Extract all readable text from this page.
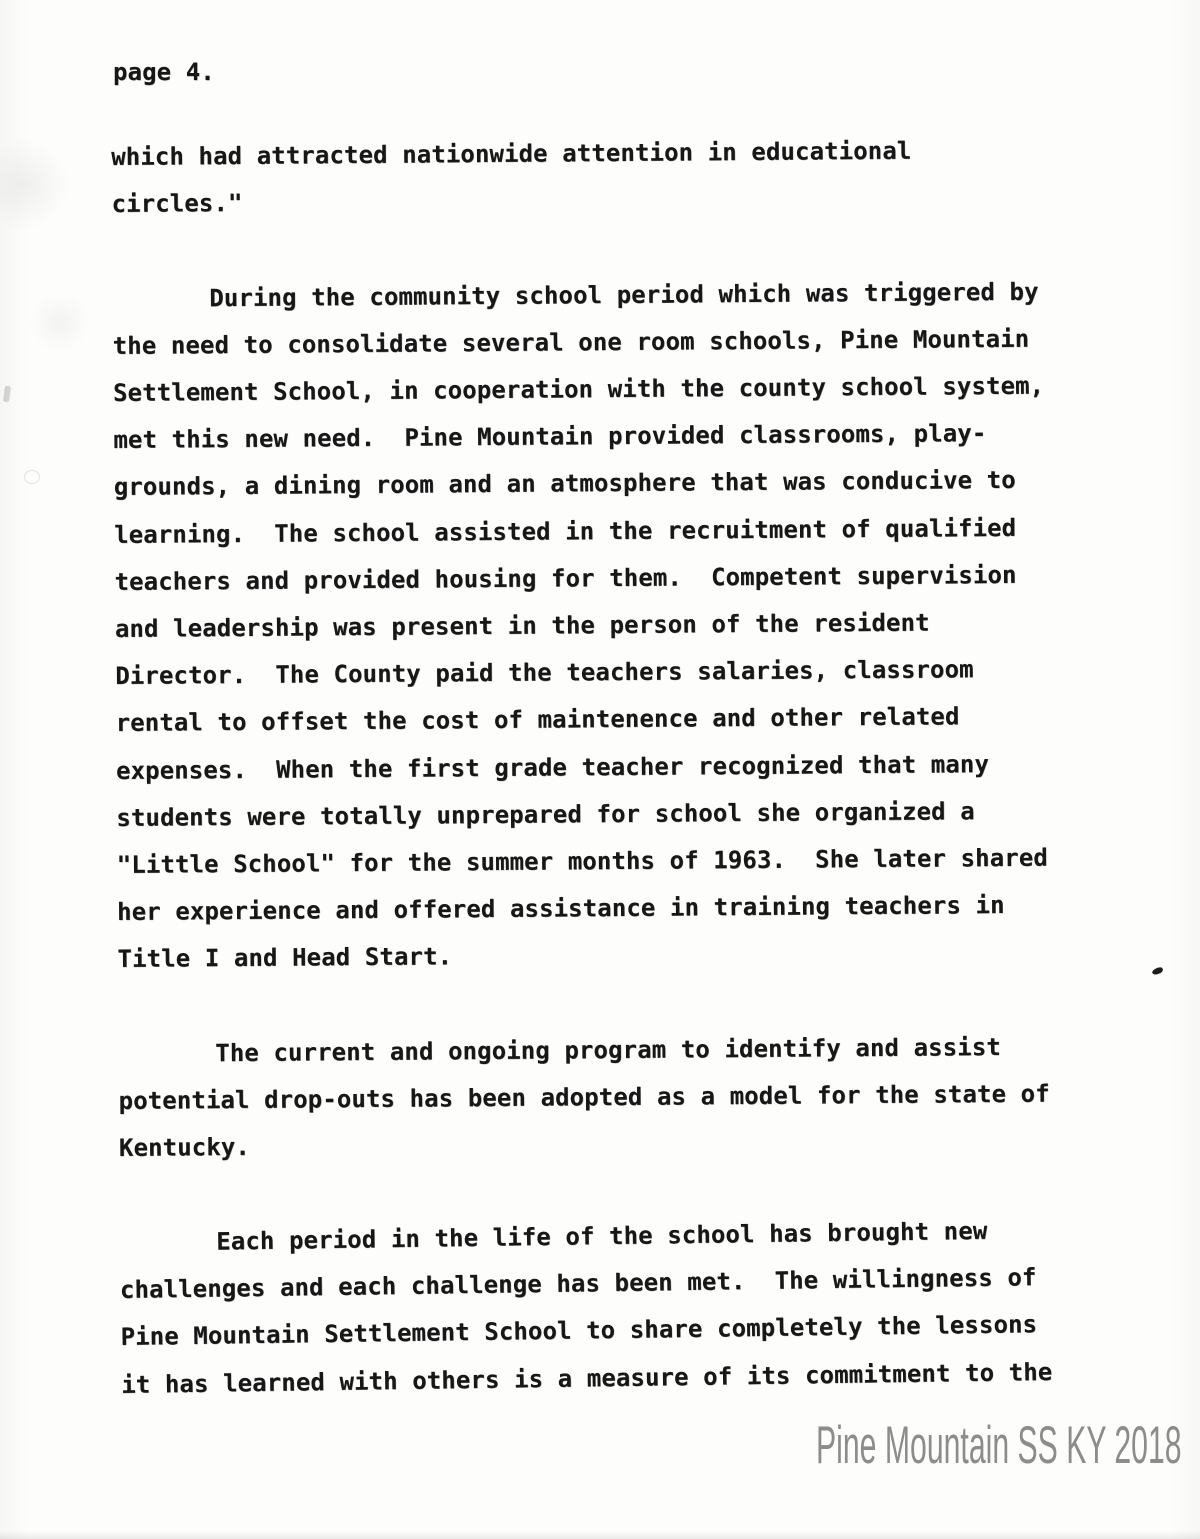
page 4.
which had attracted nationwide attention in educational
circles."
During the community school period which was triggered by
the need to consolidate several one room schools, Pine Mountain
Settlement School, in cooperation with the county school system,
met this new need.  Pine Mountain provided classrooms, play-
grounds, a dining room and an atmosphere that was conducive to
learning.  The school assisted in the recruitment of qualified
teachers and provided housing for them.  Competent supervision
and leadership was present in the person of the resident
Director.  The County paid the teachers salaries, classroom
rental to offset the cost of maintenence and other related
expenses.  When the first grade teacher recognized that many
students were totally unprepared for school she organized a
"Little School" for the summer months of 1963.  She later shared
her experience and offered assistance in training teachers in
Title I and Head Start.
The current and ongoing program to identify and assist
potential drop-outs has been adopted as a model for the state of
Kentucky.
Each period in the life of the school has brought new
challenges and each challenge has been met.  The willingness of
Pine Mountain Settlement School to share completely the lessons
it has learned with others is a measure of its commitment to the
Pine Mountain SS KY 2018
